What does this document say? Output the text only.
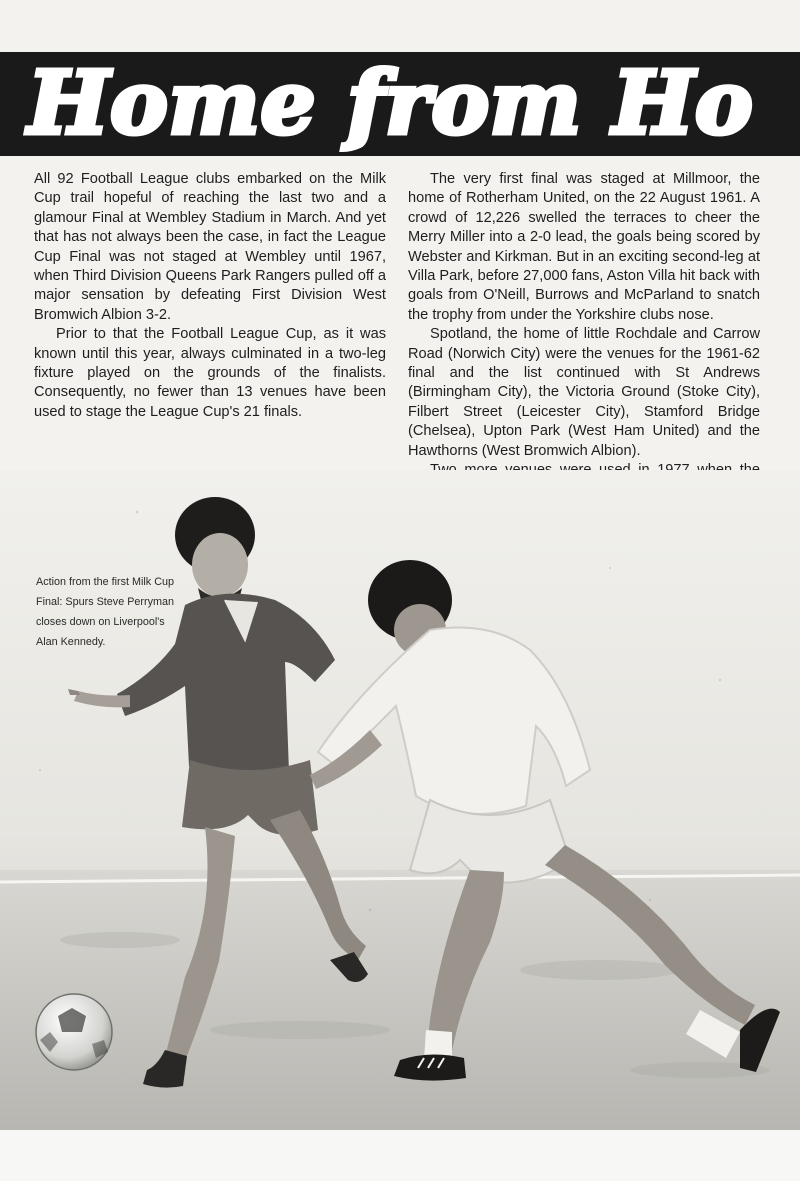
Home from Ho

All 92 Football League clubs embarked on the Milk Cup trail hopeful of reaching the last two and a glamour Final at Wembley Stadium in March. And yet that has not always been the case, in fact the League Cup Final was not staged at Wembley until 1967, when Third Division Queens Park Rangers pulled off a major sensation by defeating First Division West Bromwich Albion 3-2.

Prior to that the Football League Cup, as it was known until this year, always culminated in a two-leg fixture played on the grounds of the finalists. Consequently, no fewer than 13 venues have been used to stage the League Cup's 21 finals.

The very first final was staged at Millmoor, the home of Rotherham United, on the 22 August 1961. A crowd of 12,226 swelled the terraces to cheer the Merry Miller into a 2-0 lead, the goals being scored by Webster and Kirkman. But in an exciting second-leg at Villa Park, before 27,000 fans, Aston Villa hit back with goals from O'Neill, Burrows and McParland to snatch the trophy from under the Yorkshire clubs nose.

Spotland, the home of little Rochdale and Carrow Road (Norwich City) were the venues for the 1961-62 final and the list continued with St Andrews (Birmingham City), the Victoria Ground (Stoke City), Filbert Street (Leicester City), Stamford Bridge (Chelsea), Upton Park (West Ham United) and the Hawthorns (West Bromwich Albion).

Action from the first Milk Cup Final: Spurs Steve Perryman closes down on Liverpool's Alan Kennedy.
